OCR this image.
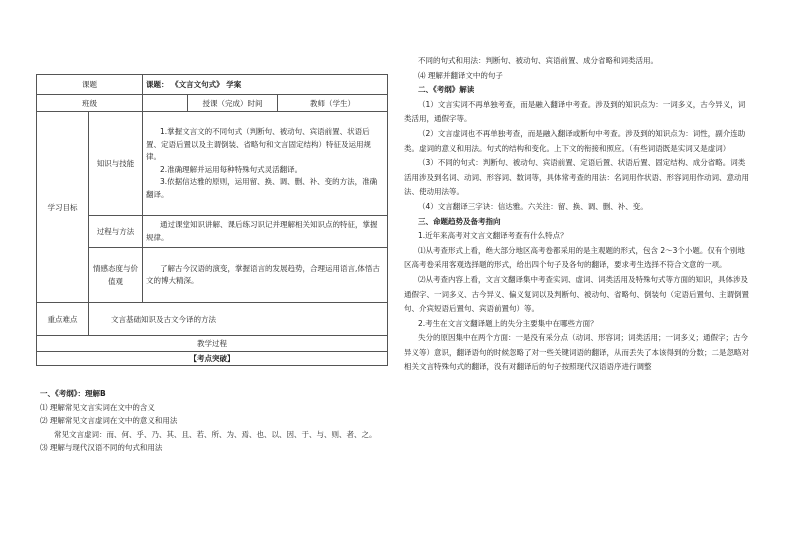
课题		课题： 《文言文句式》 学案		
班级			授课（完成）时间	教师（学生）
学习目标	知识与技能	1.掌握文言文的不同句式（判断句、被动句、宾语前置、状语后置、定语后置以及主谓倒装、省略句和文言固定结构）特征及运用规律。
2.准确理解并运用每种特殊句式灵活翻译。
3.依据信达雅的原则，运用留、换、调、删、补、变的方法，准确翻译。		

	过程与方法	通过课堂知识讲解、课后练习识记并理解相关知识点的特征，掌握规律。		
	情感态度与价值观	了解古今汉语的演变，掌握语言的发展趋势，合理运用语言,体悟古文的博大精深。		
重点难点	文言基础知识及古文今译的方法			
教学过程				
【考点突破】				
一、《考纲》：理解B
⑴ 理解常见文言实词在文中的含义
⑵ 理解常见文言虚词在文中的意义和用法
常见文言虚词：而、何、乎、乃、其、且、若、所、为、焉、也、以、因、于、与、则、者、之。
⑶ 理解与现代汉语不同的句式和用法

不同的句式和用法：判断句、被动句、宾语前置、成分省略和词类活用。

⑷ 理解并翻译文中的句子

二、《考纲》解读

（1）文言实词不再单独考查，而是融入翻译中考查。涉及到的知识点为：一词多义，古今异义，词类活用，通假字等。

（2）文言虚词也不再单独考查，而是融入翻译或断句中考查。涉及到的知识点为：词性，副介连助类。虚词的意义和用法。句式的结构和变化。上下文的衔接和照应。（有些词语既是实词又是虚词）

（3）不同的句式：判断句、被动句、宾语前置、定语后置、状语后置、固定结构、成分省略。词类活用涉及到名词、动词、形容词、数词等，具体常考查的用法：名词用作状语、形容词用作动词、意动用法、使动用法等。

（4）文言翻译三字诀：信达雅。六关注：留、换、调、删、补、变。

三、命题趋势及备考指向

1.近年来高考对文言文翻译考查有什么特点？

⑴从考查形式上看，绝大部分地区高考卷都采用的是主观题的形式，包含 2～3个小题。仅有个别地区高考卷采用客观选择题的形式，给出四个句子及各句的翻译，要求考生选择不符合文意的一项。

⑵从考查内容上看，文言文翻译集中考查实词、虚词、词类活用及特殊句式等方面的知识，具体涉及通假字、一词多义、古今异义、偏义复词以及判断句、被动句、省略句、倒装句（定语后置句、主谓倒置句、介宾短语后置句、宾语前置句）等。

2.考生在文言文翻译题上的失分主要集中在哪些方面？

失分的原因集中在两个方面：一是没有采分点（动词、形容词；词类活用；一词多义；通假字；古今异义等）意识，翻译语句的时候忽略了对一些关键词语的翻译，从而丢失了本该得到的分数；二是忽略对相关文言特殊句式的翻译，没有对翻译后的句子按照现代汉语语序进行调整
